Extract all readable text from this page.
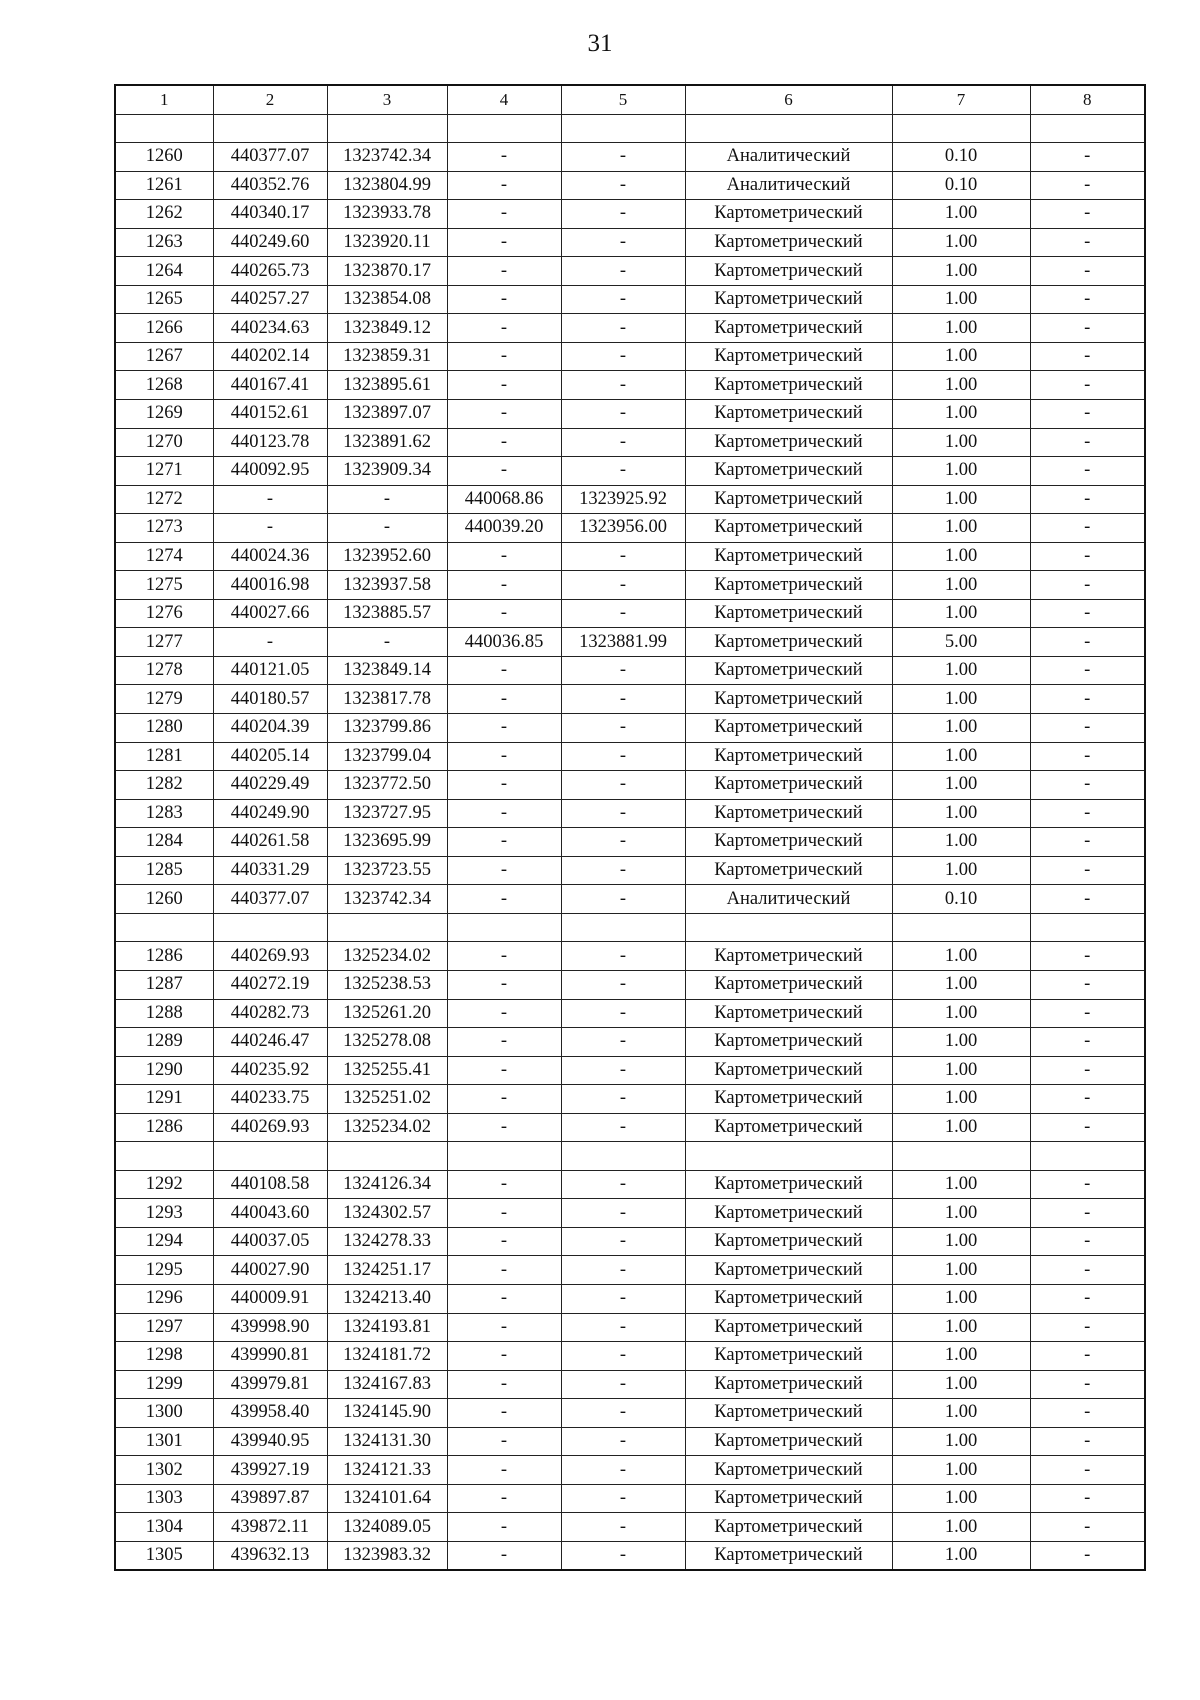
31
1	2	3	4	5	6	7	8

1260	440377.07	1323742.34	-	-	Аналитический	0.10	-
1261	440352.76	1323804.99	-	-	Аналитический	0.10	-
1262	440340.17	1323933.78	-	-	Картометрический	1.00	-
1263	440249.60	1323920.11	-	-	Картометрический	1.00	-
1264	440265.73	1323870.17	-	-	Картометрический	1.00	-
1265	440257.27	1323854.08	-	-	Картометрический	1.00	-
1266	440234.63	1323849.12	-	-	Картометрический	1.00	-
1267	440202.14	1323859.31	-	-	Картометрический	1.00	-
1268	440167.41	1323895.61	-	-	Картометрический	1.00	-
1269	440152.61	1323897.07	-	-	Картометрический	1.00	-
1270	440123.78	1323891.62	-	-	Картометрический	1.00	-
1271	440092.95	1323909.34	-	-	Картометрический	1.00	-
1272	-	-	440068.86	1323925.92	Картометрический	1.00	-
1273	-	-	440039.20	1323956.00	Картометрический	1.00	-
1274	440024.36	1323952.60	-	-	Картометрический	1.00	-
1275	440016.98	1323937.58	-	-	Картометрический	1.00	-
1276	440027.66	1323885.57	-	-	Картометрический	1.00	-
1277	-	-	440036.85	1323881.99	Картометрический	5.00	-
1278	440121.05	1323849.14	-	-	Картометрический	1.00	-
1279	440180.57	1323817.78	-	-	Картометрический	1.00	-
1280	440204.39	1323799.86	-	-	Картометрический	1.00	-
1281	440205.14	1323799.04	-	-	Картометрический	1.00	-
1282	440229.49	1323772.50	-	-	Картометрический	1.00	-
1283	440249.90	1323727.95	-	-	Картометрический	1.00	-
1284	440261.58	1323695.99	-	-	Картометрический	1.00	-
1285	440331.29	1323723.55	-	-	Картометрический	1.00	-
1260	440377.07	1323742.34	-	-	Аналитический	0.10	-

1286	440269.93	1325234.02	-	-	Картометрический	1.00	-
1287	440272.19	1325238.53	-	-	Картометрический	1.00	-
1288	440282.73	1325261.20	-	-	Картометрический	1.00	-
1289	440246.47	1325278.08	-	-	Картометрический	1.00	-
1290	440235.92	1325255.41	-	-	Картометрический	1.00	-
1291	440233.75	1325251.02	-	-	Картометрический	1.00	-
1286	440269.93	1325234.02	-	-	Картометрический	1.00	-

1292	440108.58	1324126.34	-	-	Картометрический	1.00	-
1293	440043.60	1324302.57	-	-	Картометрический	1.00	-
1294	440037.05	1324278.33	-	-	Картометрический	1.00	-
1295	440027.90	1324251.17	-	-	Картометрический	1.00	-
1296	440009.91	1324213.40	-	-	Картометрический	1.00	-
1297	439998.90	1324193.81	-	-	Картометрический	1.00	-
1298	439990.81	1324181.72	-	-	Картометрический	1.00	-
1299	439979.81	1324167.83	-	-	Картометрический	1.00	-
1300	439958.40	1324145.90	-	-	Картометрический	1.00	-
1301	439940.95	1324131.30	-	-	Картометрический	1.00	-
1302	439927.19	1324121.33	-	-	Картометрический	1.00	-
1303	439897.87	1324101.64	-	-	Картометрический	1.00	-
1304	439872.11	1324089.05	-	-	Картометрический	1.00	-
1305	439632.13	1323983.32	-	-	Картометрический	1.00	-
